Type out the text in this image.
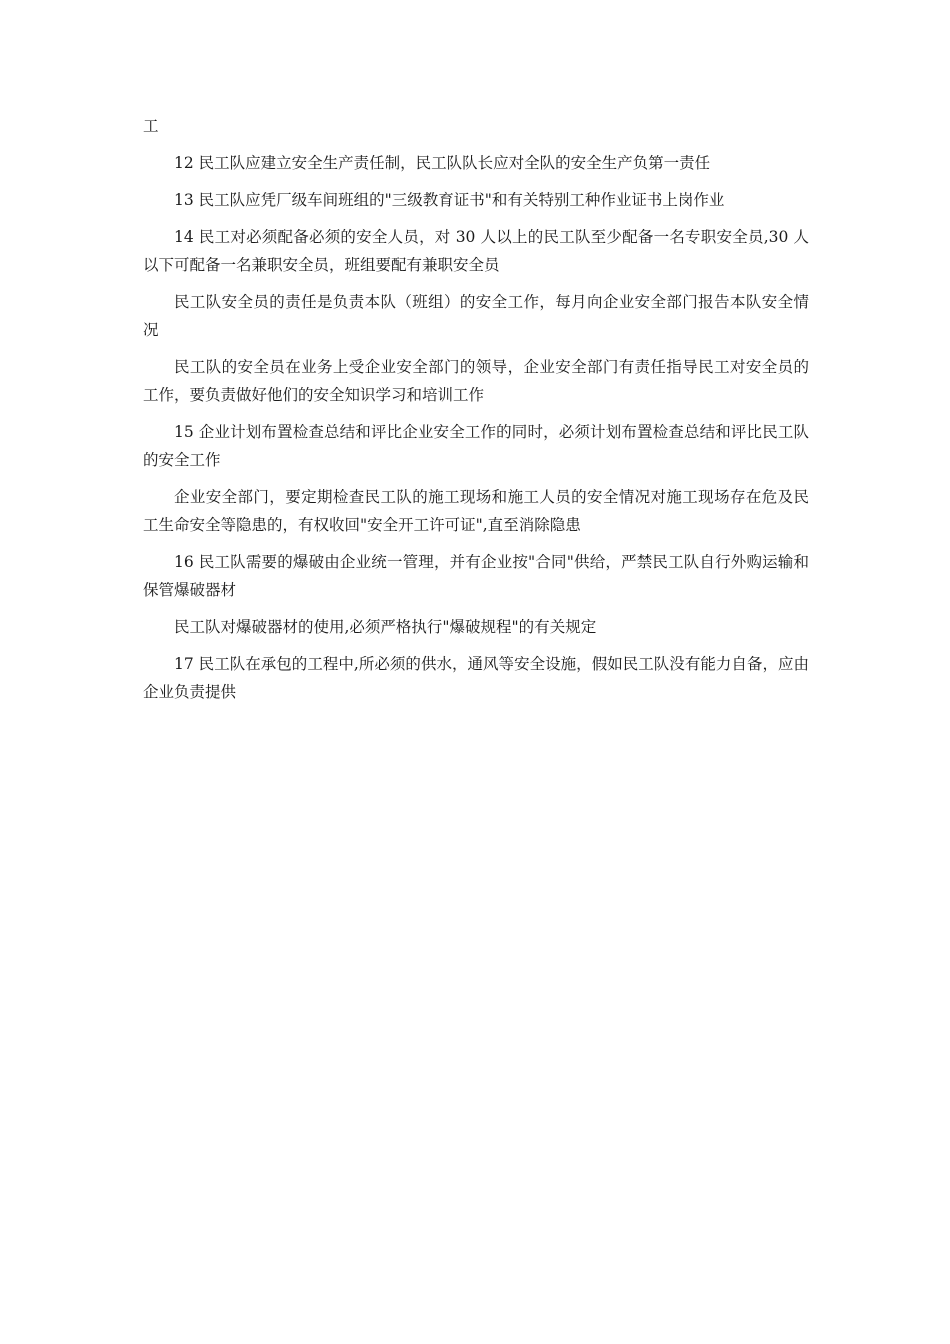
工

12 民工队应建立安全生产责任制，民工队队长应对全队的安全生产负第一责任

13 民工队应凭厂级车间班组的"三级教育证书"和有关特别工种作业证书上岗作业

14 民工对必须配备必须的安全人员，对 30 人以上的民工队至少配备一名专职安全员,30 人以下可配备一名兼职安全员，班组要配有兼职安全员

民工队安全员的责任是负责本队（班组）的安全工作，每月向企业安全部门报告本队安全情况

民工队的安全员在业务上受企业安全部门的领导，企业安全部门有责任指导民工对安全员的工作，要负责做好他们的安全知识学习和培训工作

15 企业计划布置检查总结和评比企业安全工作的同时，必须计划布置检查总结和评比民工队的安全工作

企业安全部门，要定期检查民工队的施工现场和施工人员的安全情况对施工现场存在危及民工生命安全等隐患的，有权收回"安全开工许可证",直至消除隐患

16 民工队需要的爆破由企业统一管理，并有企业按"合同"供给，严禁民工队自行外购运输和保管爆破器材

民工队对爆破器材的使用,必须严格执行"爆破规程"的有关规定

17 民工队在承包的工程中,所必须的供水，通风等安全设施，假如民工队没有能力自备，应由企业负责提供
